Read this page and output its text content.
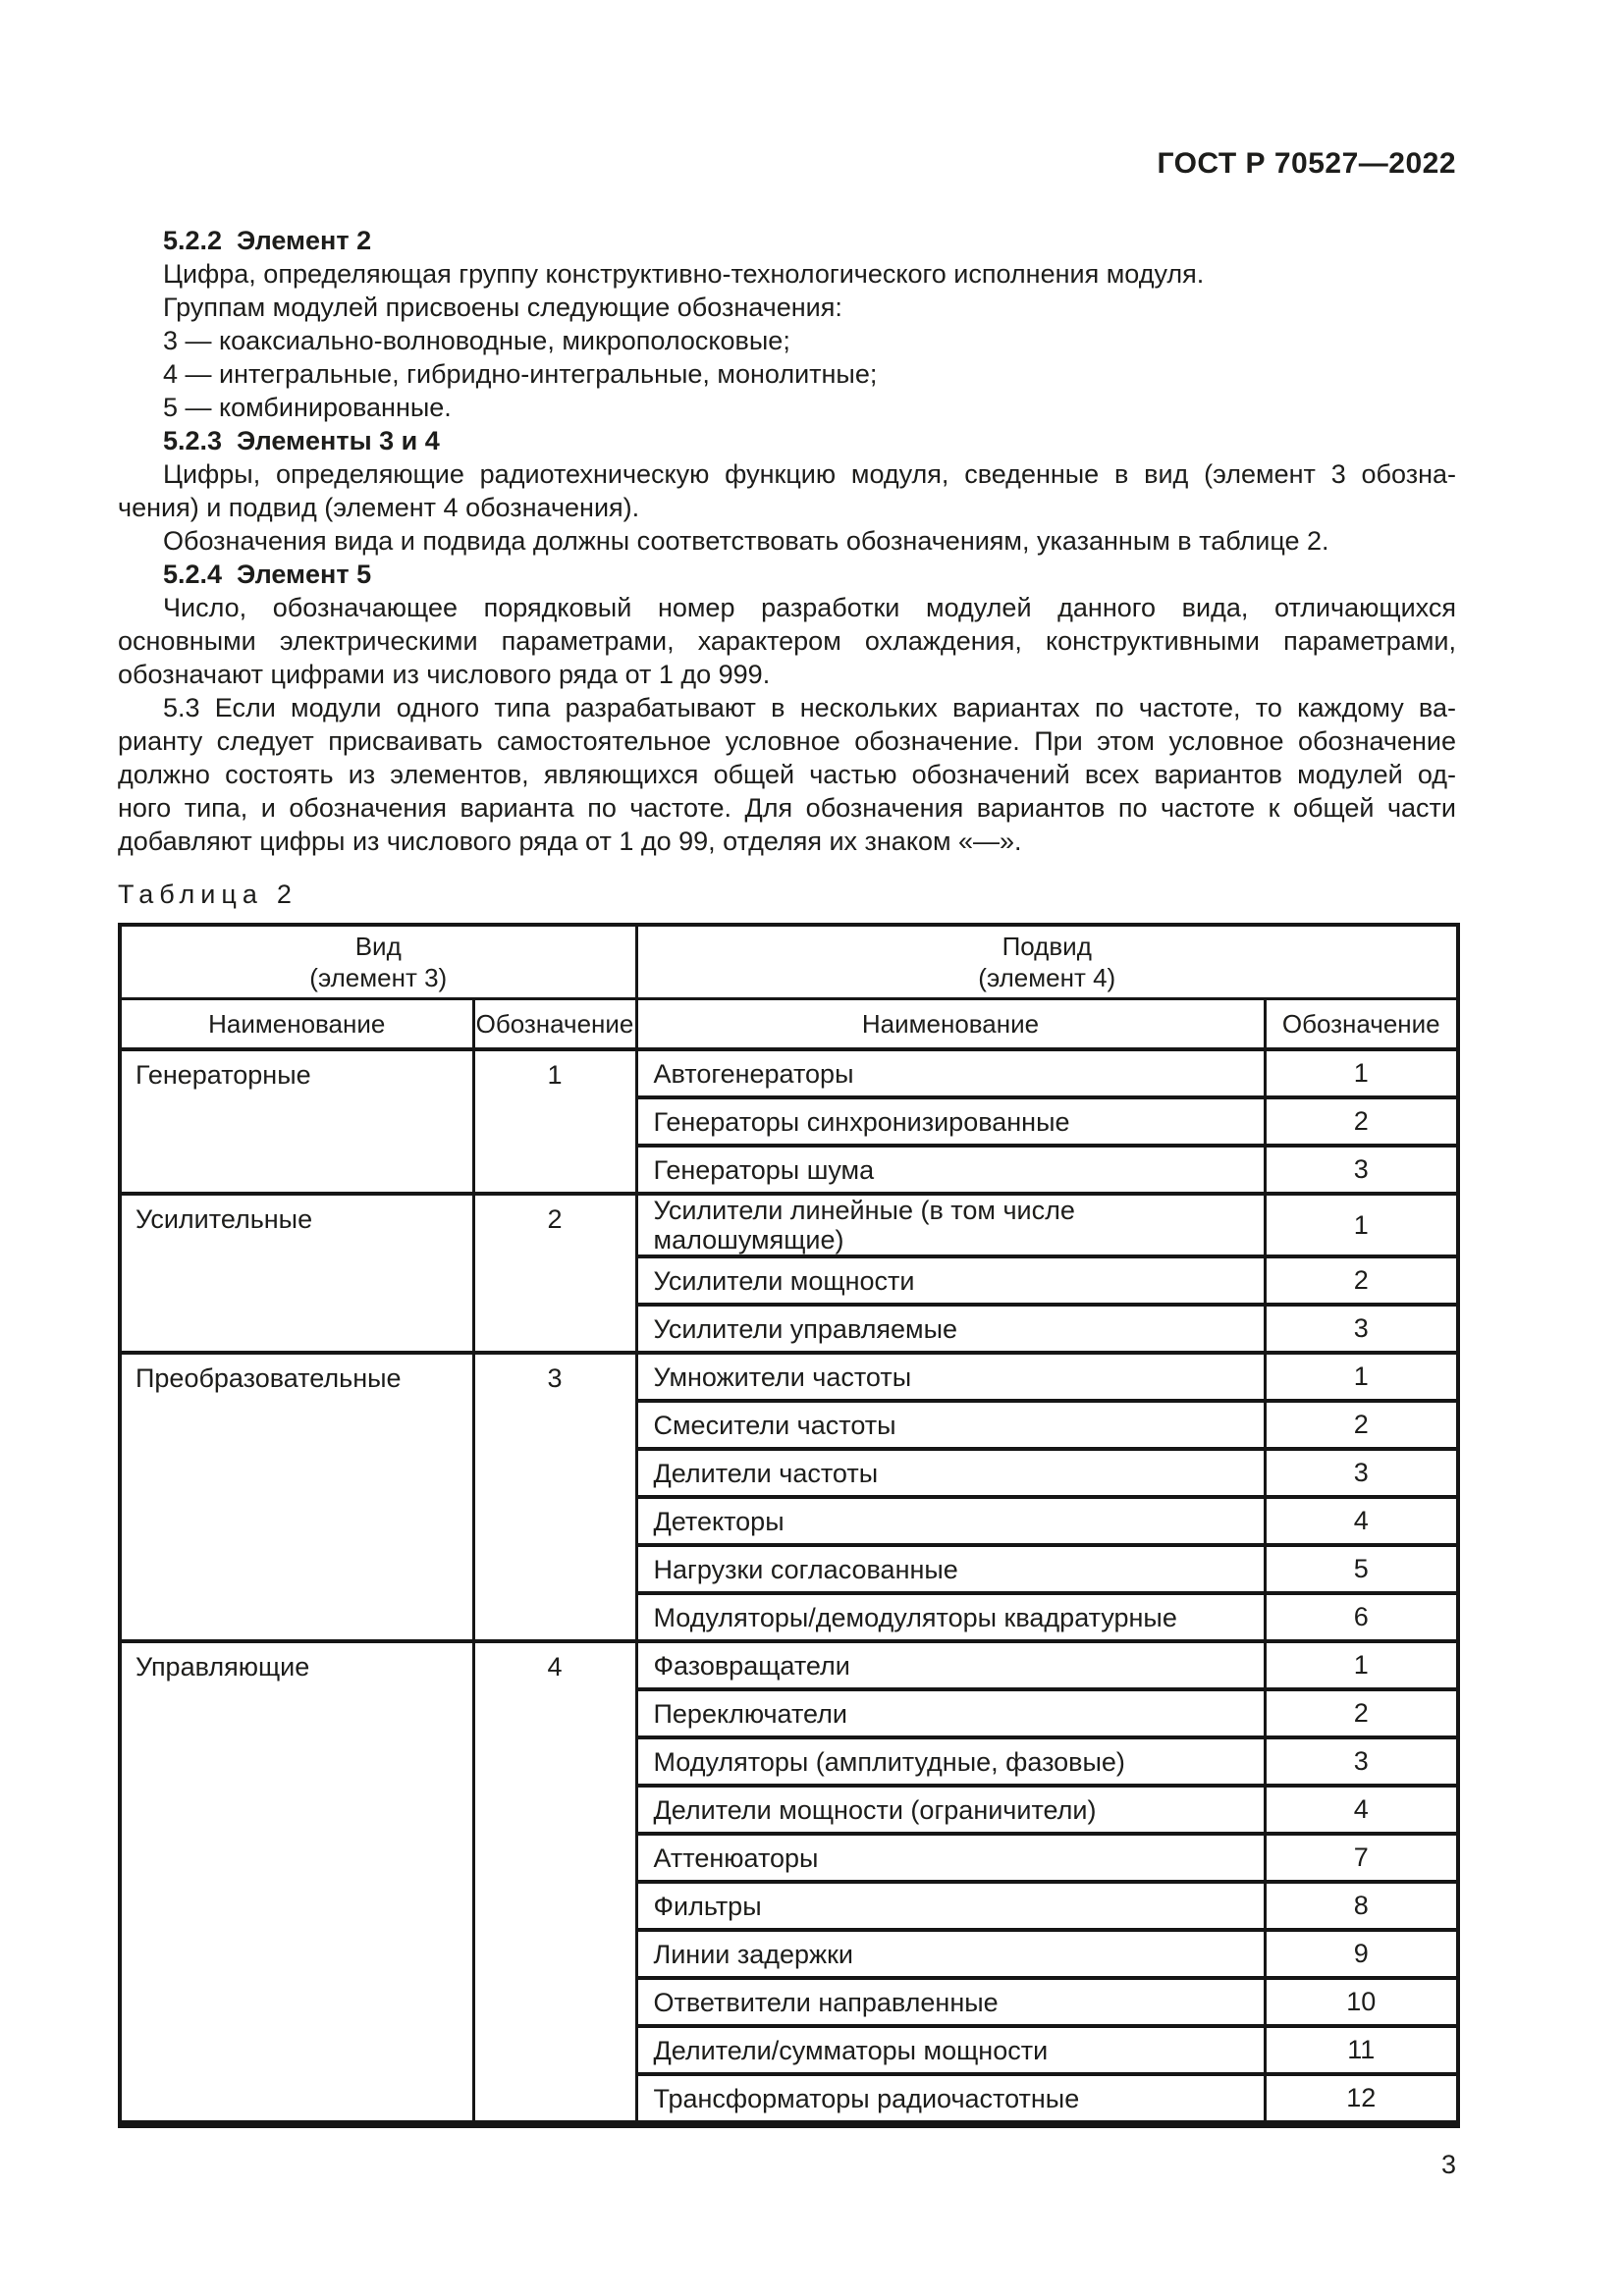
ГОСТ Р 70527—2022
5.2.2  Элемент 2
Цифра, определяющая группу конструктивно-технологического исполнения модуля.
Группам модулей присвоены следующие обозначения:
3 — коаксиально-волноводные, микрополосковые;
4 — интегральные, гибридно-интегральные, монолитные;
5 — комбинированные.
5.2.3  Элементы 3 и 4
Цифры, определяющие радиотехническую функцию модуля, сведенные в вид (элемент 3 обозна-
чения) и подвид (элемент 4 обозначения).
Обозначения вида и подвида должны соответствовать обозначениям, указанным в таблице 2.
5.2.4  Элемент 5
Число, обозначающее порядковый номер разработки модулей данного вида, отличающихся
основными электрическими параметрами, характером охлаждения, конструктивными параметрами,
обозначают цифрами из числового ряда от 1 до 999.
5.3 Если модули одного типа разрабатывают в нескольких вариантах по частоте, то каждому ва-
рианту следует присваивать самостоятельное условное обозначение. При этом условное обозначение
должно состоять из элементов, являющихся общей частью обозначений всех вариантов модулей од-
ного типа, и обозначения варианта по частоте. Для обозначения вариантов по частоте к общей части
добавляют цифры из числового ряда от 1 до 99, отделяя их знаком «—».
Таблица 2
Вид
(элемент 3)

Подвид
(элемент 4)

Наименование	Обозначение	Наименование	Обозначение
Генераторные	1	Автогенераторы	1
		Генераторы синхронизированные	2
		Генераторы шума	3
Усилительные	2	Усилители линейные (в том числе малошумящие)	1
		Усилители мощности	2
		Усилители управляемые	3
Преобразовательные	3	Умножители частоты	1
		Смесители частоты	2
		Делители частоты	3
		Детекторы	4
		Нагрузки согласованные	5
		Модуляторы/демодуляторы квадратурные	6
Управляющие	4	Фазовращатели	1
		Переключатели	2
		Модуляторы (амплитудные, фазовые)	3
		Делители мощности (ограничители)	4
		Аттенюаторы	7
		Фильтры	8
		Линии задержки	9
		Ответвители направленные	10
		Делители/сумматоры мощности	11
		Трансформаторы радиочастотные	12
3
